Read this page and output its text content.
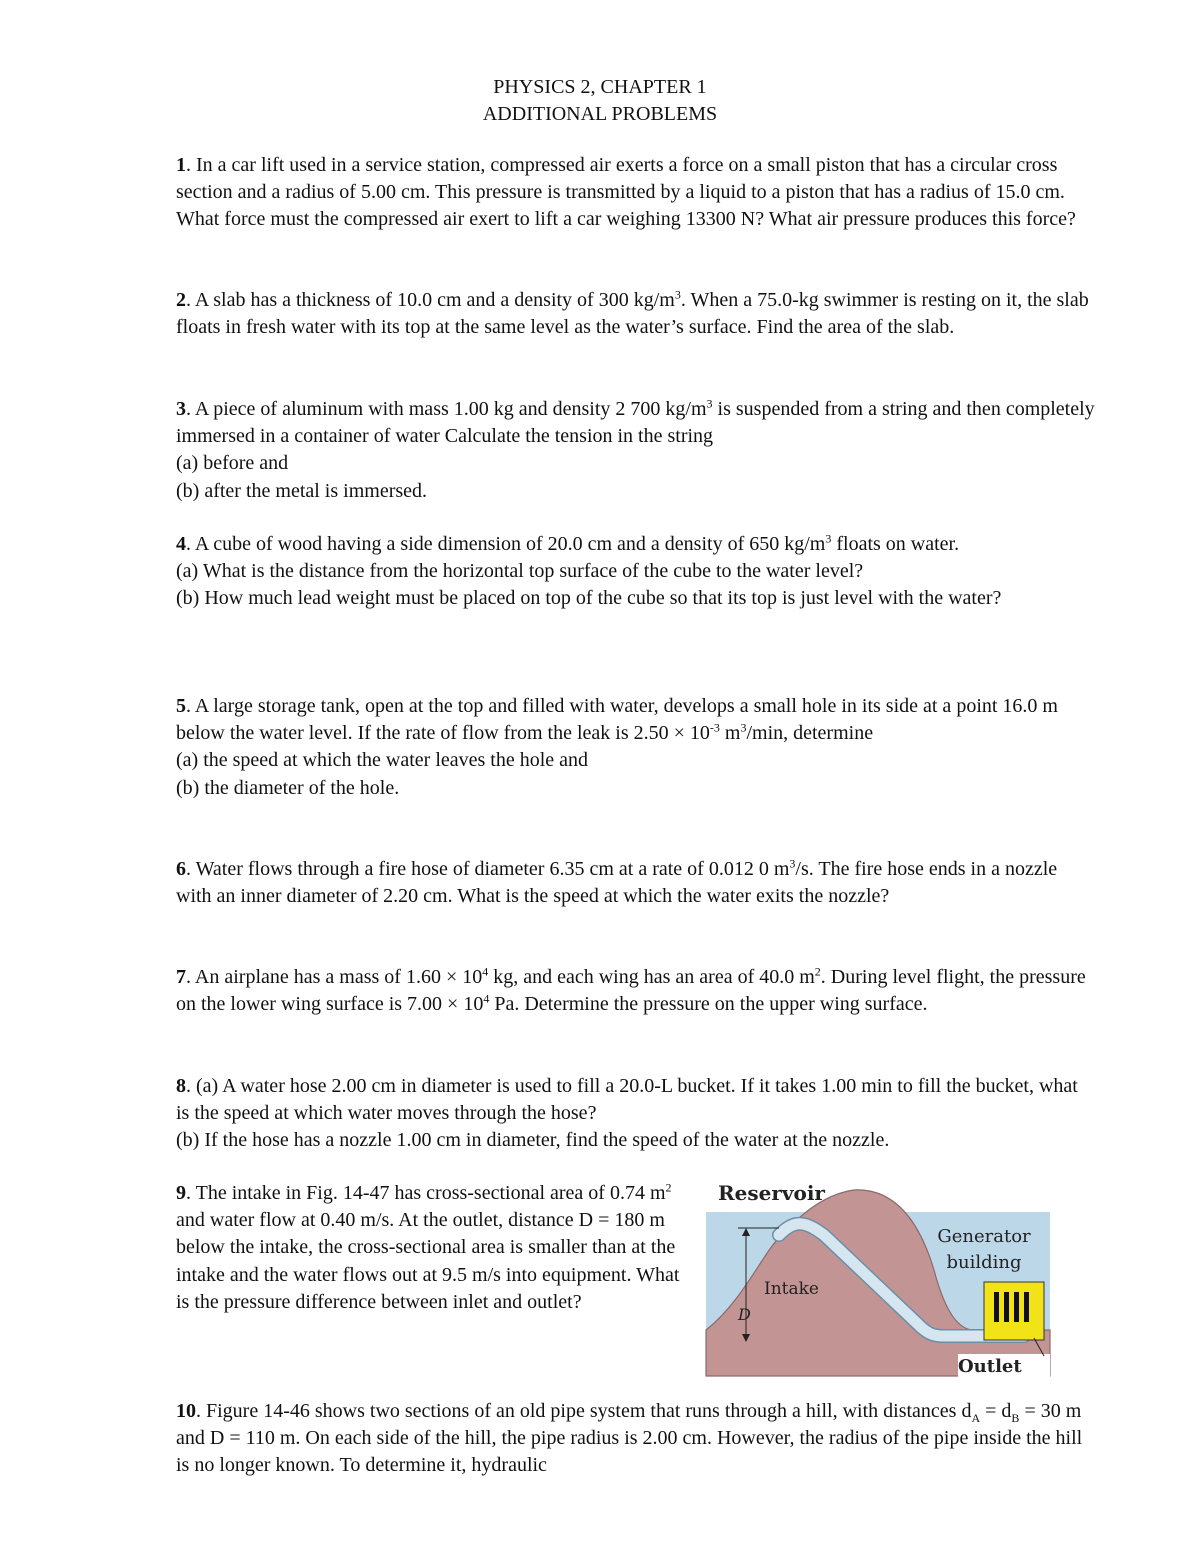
PHYSICS 2, CHAPTER 1
ADDITIONAL PROBLEMS

1. In a car lift used in a service station, compressed air exerts a force on a small piston that has a circular cross section and a radius of 5.00 cm. This pressure is transmitted by a liquid to a piston that has a radius of 15.0 cm. What force must the compressed air exert to lift a car weighing 13300 N? What air pressure produces this force?

2. A slab has a thickness of 10.0 cm and a density of 300 $kg/m^3$. When a 75.0-kg swimmer is resting on it, the slab floats in fresh water with its top at the same level as the water’s surface. Find the area of the slab.

3. A piece of aluminum with mass 1.00 kg and density 2 700 $kg/m^3$ is suspended from a string and then completely immersed in a container of water Calculate the tension in the string
(a) before and
(b) after the metal is immersed.

4. A cube of wood having a side dimension of 20.0 cm and a density of 650 $kg/m^3$ floats on water.
(a) What is the distance from the horizontal top surface of the cube to the water level?
(b) How much lead weight must be placed on top of the cube so that its top is just level with the water?

5. A large storage tank, open at the top and filled with water, develops a small hole in its side at a point 16.0 m below the water level. If the rate of flow from the leak is $2.50 \times 10^{-3}$ $m^3/\min$, determine
(a) the speed at which the water leaves the hole and
(b) the diameter of the hole.

6. Water flows through a fire hose of diameter 6.35 cm at a rate of 0.012 0 $m^3/s$. The fire hose ends in a nozzle with an inner diameter of 2.20 cm. What is the speed at which the water exits the nozzle?

7. An airplane has a mass of $1.60 \times 10^4$ kg, and each wing has an area of 40.0 $m^2$. During level flight, the pressure on the lower wing surface is $7.00 \times 10^4$ Pa. Determine the pressure on the upper wing surface.

8. (a) A water hose 2.00 cm in diameter is used to fill a 20.0-L bucket. If it takes 1.00 min to fill the bucket, what is the speed at which water moves through the hose?
(b) If the hose has a nozzle 1.00 cm in diameter, find the speed of the water at the nozzle.

9. The intake in Fig. 14-47 has cross-sectional area of 0.74 $m^2$ and water flow at 0.40 m/s. At the outlet, distance D = 180 m below the intake, the cross-sectional area is smaller than at the intake and the water flows out at 9.5 m/s into equipment. What is the pressure difference between inlet and outlet?

10. Figure 14-46 shows two sections of an old pipe system that runs through a hill, with distances $d_A = d_B = 30$ m and D = 110 m. On each side of the hill, the pipe radius is 2.00 cm. However, the radius of the pipe inside the hill is no longer known. To determine it, hydraulic

Reservoir
Generator
building
Intake
D
Outlet
